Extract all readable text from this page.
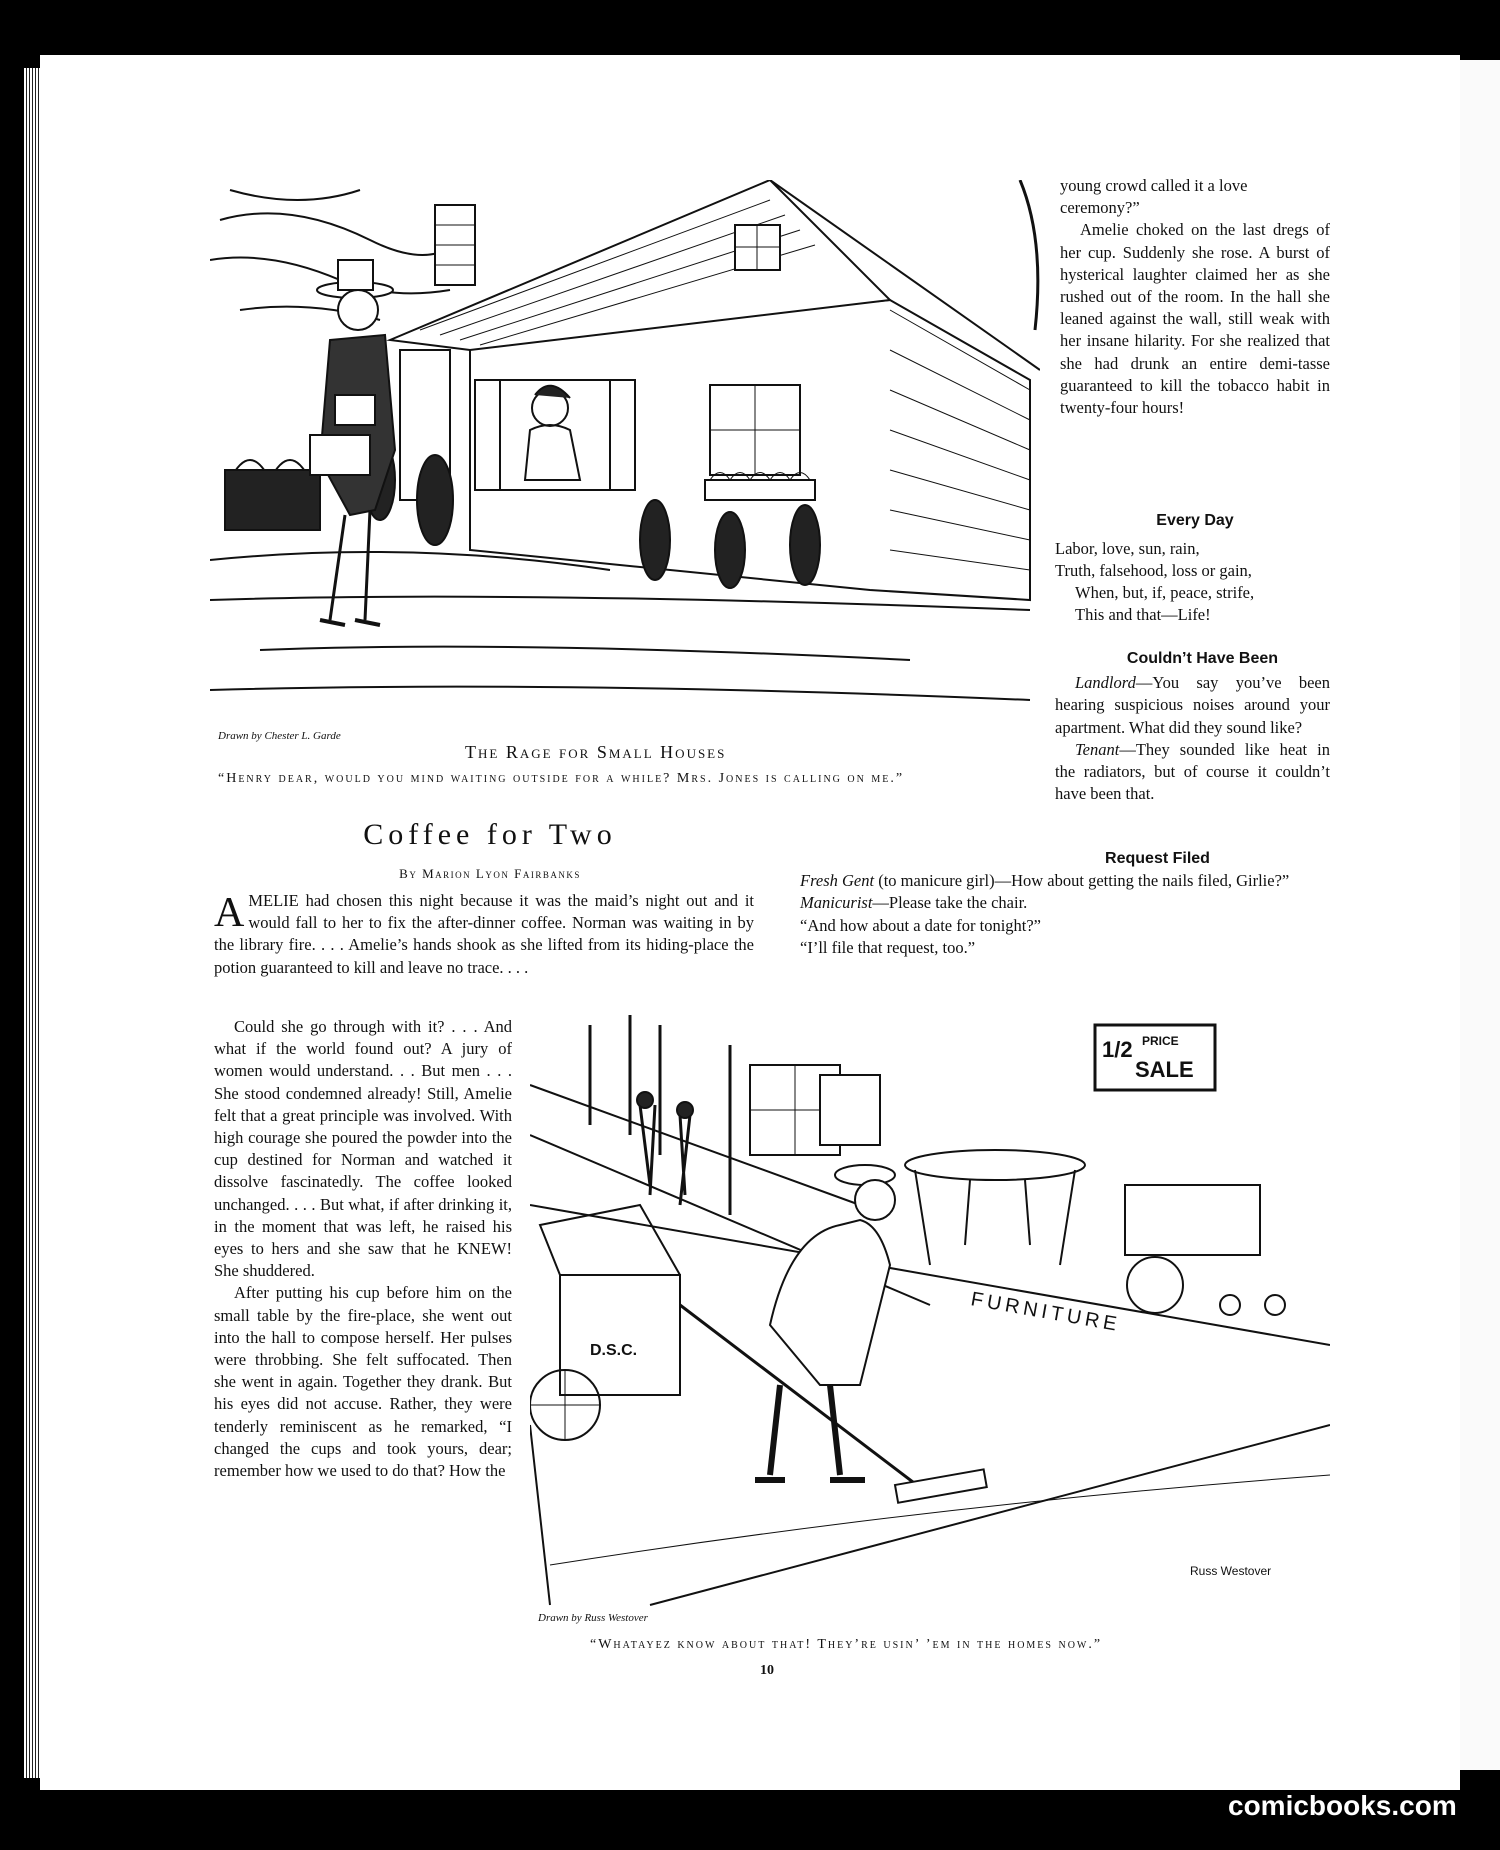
Drawn by Chester L. Garde
The Rage for Small Houses
“Henry dear, would you mind waiting outside for a while? Mrs. Jones is calling on me.”

young crowd called it a love

ceremony?”

Amelie choked on the last dregs of her cup. Suddenly she rose. A burst of hysterical laughter claimed her as she rushed out of the room. In the hall she leaned against the wall, still weak with her insane hilarity. For she realized that she had drunk an entire demi-tasse guaranteed to kill the tobacco habit in twenty-four hours!

Every Day

Labor, love, sun, rain,

Truth, falsehood, loss or gain,

When, but, if, peace, strife,

This and that—Life!

Couldn’t Have Been

Landlord—You say you’ve been hearing suspicious noises around your apartment. What did they sound like?

Tenant—They sounded like heat in the radiators, but of course it couldn’t have been that.

Request Filed

Fresh Gent (to manicure girl)—How about getting the nails filed, Girlie?”

Manicurist—Please take the chair.

“And how about a date for tonight?”

“I’ll file that request, too.”

Coffee for Two
By Marion Lyon Fairbanks

AMELIE had chosen this night because it was the maid’s night out and it would fall to her to fix the after-dinner coffee. Norman was waiting in by the library fire. . . . Amelie’s hands shook as she lifted from its hiding-place the potion guaranteed to kill and leave no trace. . . .

Could she go through with it? . . . And what if the world found out? A jury of women would understand. . . But men . . . She stood condemned already! Still, Amelie felt that a great principle was involved. With high courage she poured the powder into the cup destined for Norman and watched it dissolve fascinatedly. The coffee looked unchanged. . . . But what, if after drinking it, in the moment that was left, he raised his eyes to hers and she saw that he KNEW! She shuddered.

After putting his cup before him on the small table by the fire-place, she went out into the hall to compose herself. Her pulses were throbbing. She felt suffocated. Then she went in again. Together they drank. But his eyes did not accuse. Rather, they were tenderly reminiscent as he remarked, “I changed the cups and took yours, dear; remember how we used to do that? How the

1/2 PRICE
SALE
FURNITURE
D.S.C.
Russ Westover
Drawn by Russ Westover
“Whatayez know about that! They’re usin’ ’em in the homes now.”
10
comicbooks.com
